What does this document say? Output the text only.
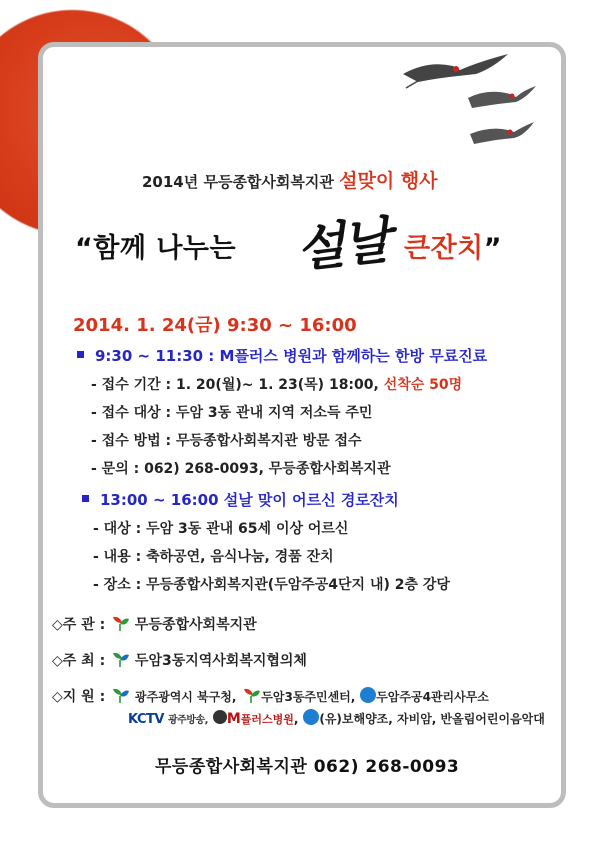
2014년 무등종합사회복지관 설맞이 행사
“함께 나누는 설날 큰잔치”
2014. 1. 24(금) 9:30 ~ 16:00
9:30 ~ 11:30 : M플러스 병원과 함께하는 한방 무료진료
- 접수 기간 : 1. 20(월)~ 1. 23(목) 18:00, 선착순 50명
- 접수 대상 : 두암 3동 관내 지역 저소득 주민
- 접수 방법 : 무등종합사회복지관 방문 접수
- 문의 : 062) 268-0093, 무등종합사회복지관
13:00 ~ 16:00 설날 맞이 어르신 경로잔치
- 대상 : 두암 3동 관내 65세 이상 어르신
- 내용 : 축하공연, 음식나눔, 경품 잔치
- 장소 : 무등종합사회복지관(두암주공4단지 내) 2층 강당
◇주 관 : 무등종합사회복지관
◇주 최 : 두암3동지역사회복지협의체
◇지 원 : 광주광역시 북구청, 두암3동주민센터, 두암주공4관리사무소
KCTV 광주방송, M플러스병원, (유)보해양조, 자비암, 반올림어린이음악대
무등종합사회복지관 062) 268-0093
